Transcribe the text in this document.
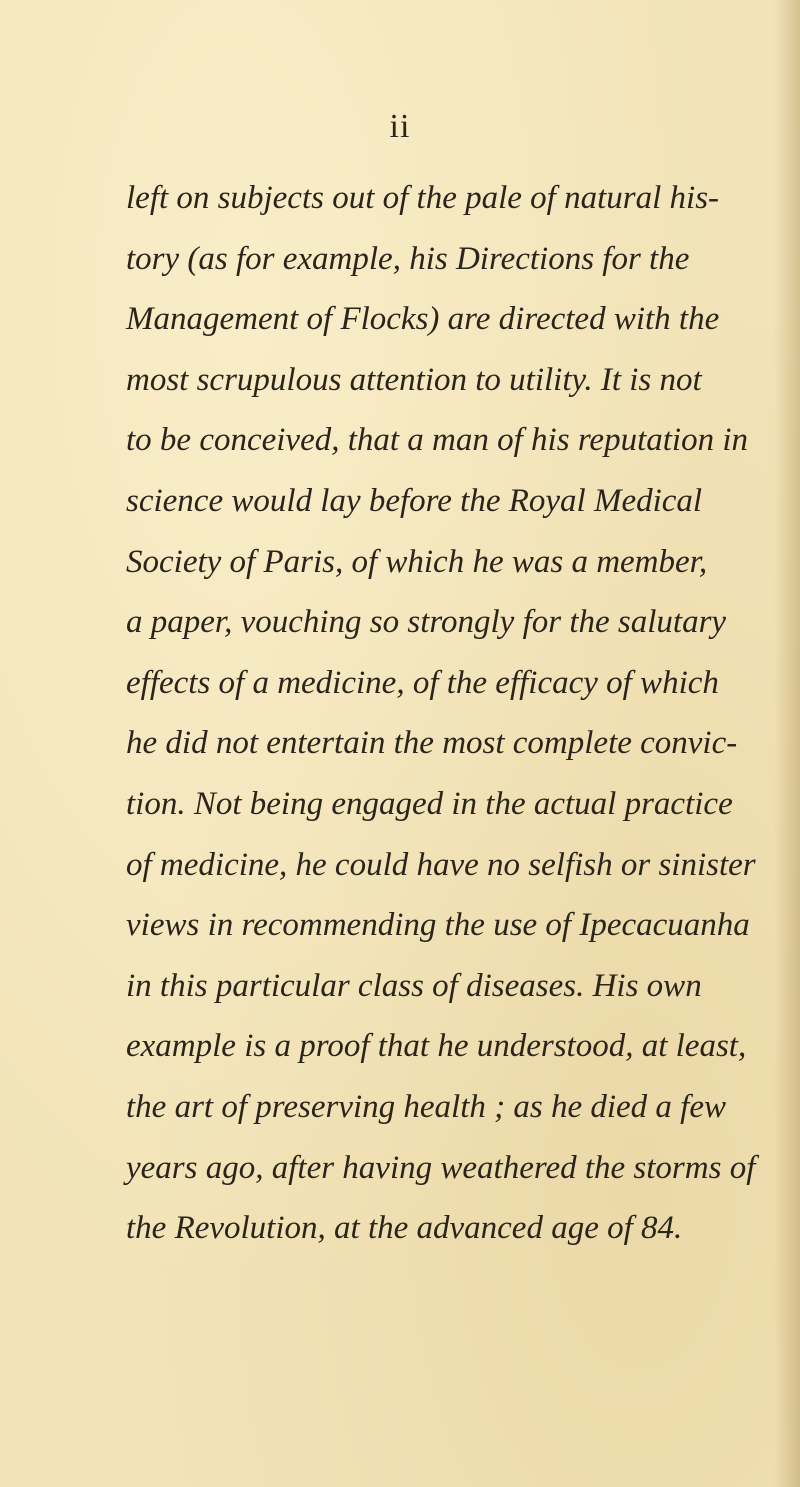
ii
left on subjects out of the pale of natural his-
tory (as for example, his Directions for the
Management of Flocks) are directed with the
most scrupulous attention to utility. It is not
to be conceived, that a man of his reputation in
science would lay before the Royal Medical
Society of Paris, of which he was a member,
a paper, vouching so strongly for the salutary
effects of a medicine, of the efficacy of which
he did not entertain the most complete convic-
tion. Not being engaged in the actual practice
of medicine, he could have no selfish or sinister
views in recommending the use of Ipecacuanha
in this particular class of diseases. His own
example is a proof that he understood, at least,
the art of preserving health ; as he died a few
years ago, after having weathered the storms of
the Revolution, at the advanced age of 84.
